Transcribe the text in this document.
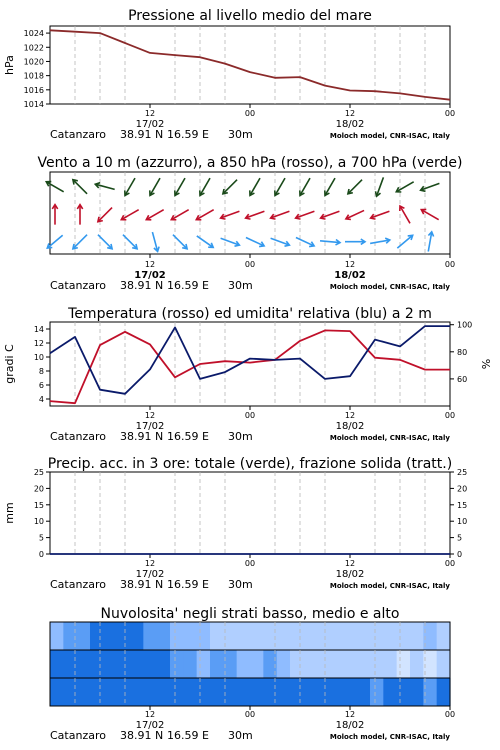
Pressione al livello medio del mare
12	00	12	00
17/02	18/02
Catanzaro 38.91 N 16.59 E 30m	Moloch model, CNR-ISAC, Italy
1014
1016
1018
1020
1022
1024
hPa
Vento a 10 m (azzurro), a 850 hPa (rosso), a 700 hPa (verde)
12	00	12	00
17/02	18/02
Catanzaro 38.91 N 16.59 E 30m	Moloch model, CNR-ISAC, Italy
Temperatura (rosso) ed umidita' relativa (blu) a 2 m
12	00	12	00
17/02	18/02
Catanzaro 38.91 N 16.59 E 30m	Moloch model, CNR-ISAC, Italy
4
6
8
10
12
14
60
80
100
gradi C	%
Precip. acc. in 3 ore: totale (verde), frazione solida (tratt.)
12	00	12	00
17/02	18/02
Catanzaro 38.91 N 16.59 E 30m	Moloch model, CNR-ISAC, Italy
0
5
10
15
20
25
0
5
10
15
20
25
mm
Nuvolosita' negli strati basso, medio e alto
12	00	12	00
17/02	18/02
Catanzaro 38.91 N 16.59 E 30m	Moloch model, CNR-ISAC, Italy
